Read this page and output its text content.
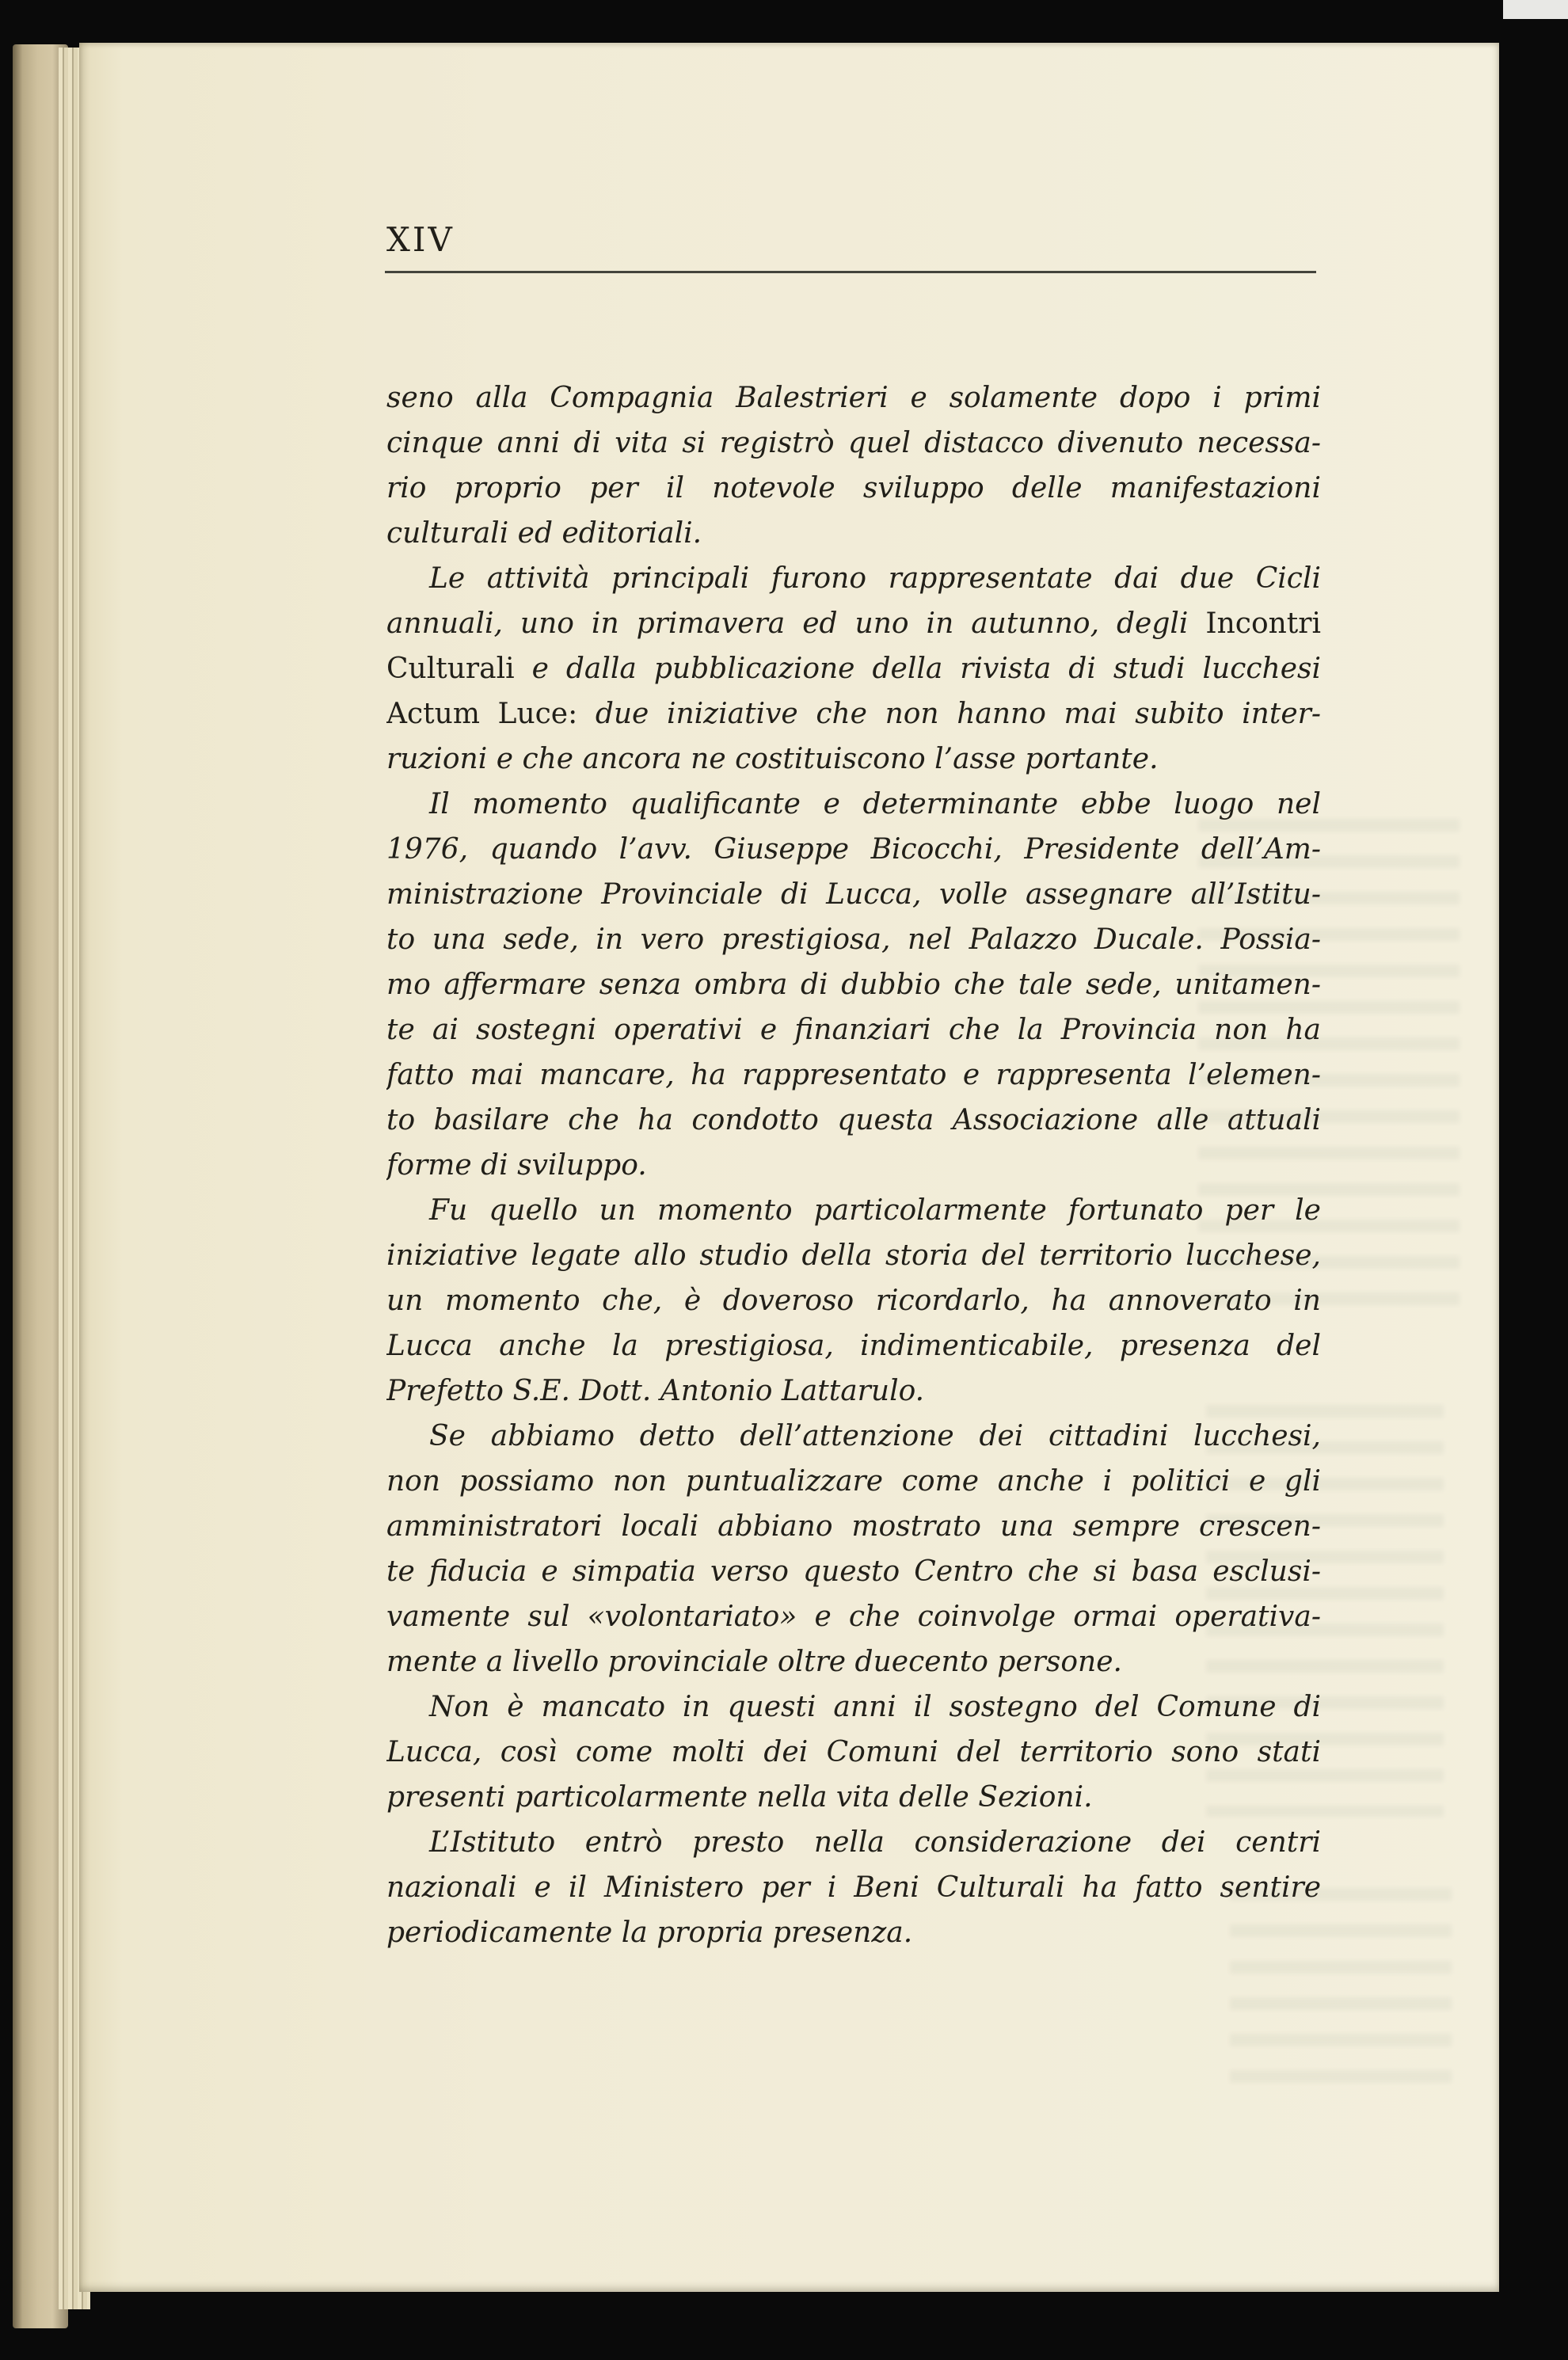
XIV
seno alla Compagnia Balestrieri e solamente dopo i primi
cinque anni di vita si registrò quel distacco divenuto necessa-
rio proprio per il notevole sviluppo delle manifestazioni
culturali ed editoriali.
Le attività principali furono rappresentate dai due Cicli
annuali, uno in primavera ed uno in autunno, degli Incontri
Culturali e dalla pubblicazione della rivista di studi lucchesi
Actum Luce: due iniziative che non hanno mai subito inter-
ruzioni e che ancora ne costituiscono l’asse portante.
Il momento qualificante e determinante ebbe luogo nel
1976, quando l’avv. Giuseppe Bicocchi, Presidente dell’Am-
ministrazione Provinciale di Lucca, volle assegnare all’Istitu-
to una sede, in vero prestigiosa, nel Palazzo Ducale. Possia-
mo affermare senza ombra di dubbio che tale sede, unitamen-
te ai sostegni operativi e finanziari che la Provincia non ha
fatto mai mancare, ha rappresentato e rappresenta l’elemen-
to basilare che ha condotto questa Associazione alle attuali
forme di sviluppo.
Fu quello un momento particolarmente fortunato per le
iniziative legate allo studio della storia del territorio lucchese,
un momento che, è doveroso ricordarlo, ha annoverato in
Lucca anche la prestigiosa, indimenticabile, presenza del
Prefetto S.E. Dott. Antonio Lattarulo.
Se abbiamo detto dell’attenzione dei cittadini lucchesi,
non possiamo non puntualizzare come anche i politici e gli
amministratori locali abbiano mostrato una sempre crescen-
te fiducia e simpatia verso questo Centro che si basa esclusi-
vamente sul «volontariato» e che coinvolge ormai operativa-
mente a livello provinciale oltre duecento persone.
Non è mancato in questi anni il sostegno del Comune di
Lucca, così come molti dei Comuni del territorio sono stati
presenti particolarmente nella vita delle Sezioni.
L’Istituto entrò presto nella considerazione dei centri
nazionali e il Ministero per i Beni Culturali ha fatto sentire
periodicamente la propria presenza.
